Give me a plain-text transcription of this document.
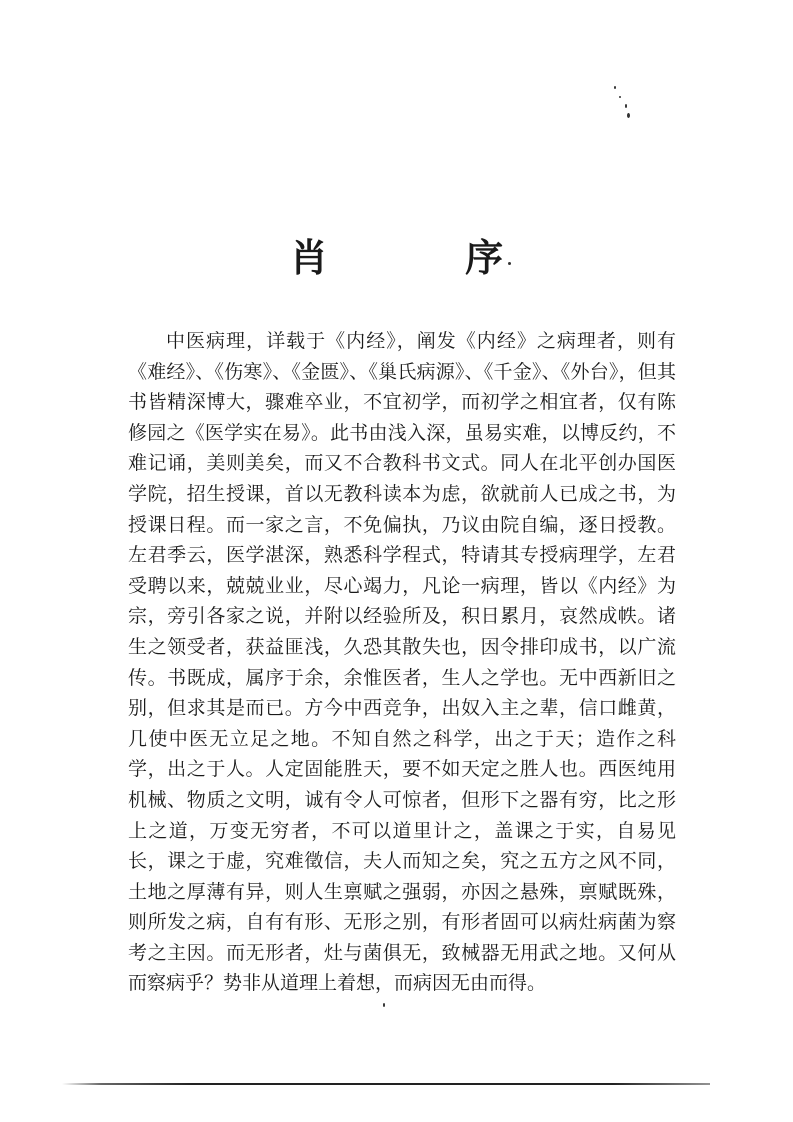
肖 序

中医病理，详载于《内经》，阐发《内经》之病理者，则有《难经》、《伤寒》、《金匮》、《巢氏病源》、《千金》、《外台》，但其书皆精深博大，骤难卒业，不宜初学，而初学之相宜者，仅有陈修园之《医学实在易》。此书由浅入深，虽易实难，以博反约，不难记诵，美则美矣，而又不合教科书文式。同人在北平创办国医学院，招生授课，首以无教科读本为虑，欲就前人已成之书，为授课日程。而一家之言，不免偏执，乃议由院自编，逐日授教。左君季云，医学湛深，熟悉科学程式，特请其专授病理学，左君受聘以来，兢兢业业，尽心竭力，凡论一病理，皆以《内经》为宗，旁引各家之说，并附以经验所及，积日累月，哀然成帙。诸生之领受者，获益匪浅，久恐其散失也，因令排印成书，以广流传。书既成，属序于余，余惟医者，生人之学也。无中西新旧之别，但求其是而已。方今中西竞争，出奴入主之辈，信口雌黄，几使中医无立足之地。不知自然之科学，出之于天；造作之科学，出之于人。人定固能胜天，要不如天定之胜人也。西医纯用机械、物质之文明，诚有令人可惊者，但形下之器有穷，比之形上之道，万变无穷者，不可以道里计之，盖课之于实，自易见长，课之于虚，究难徵信，夫人而知之矣，究之五方之风不同，土地之厚薄有异，则人生禀赋之强弱，亦因之悬殊，禀赋既殊，则所发之病，自有有形、无形之别，有形者固可以病灶病菌为察考之主因。而无形者，灶与菌俱无，致械器无用武之地。又何从而察病乎？势非从道理上着想，而病因无由而得。
